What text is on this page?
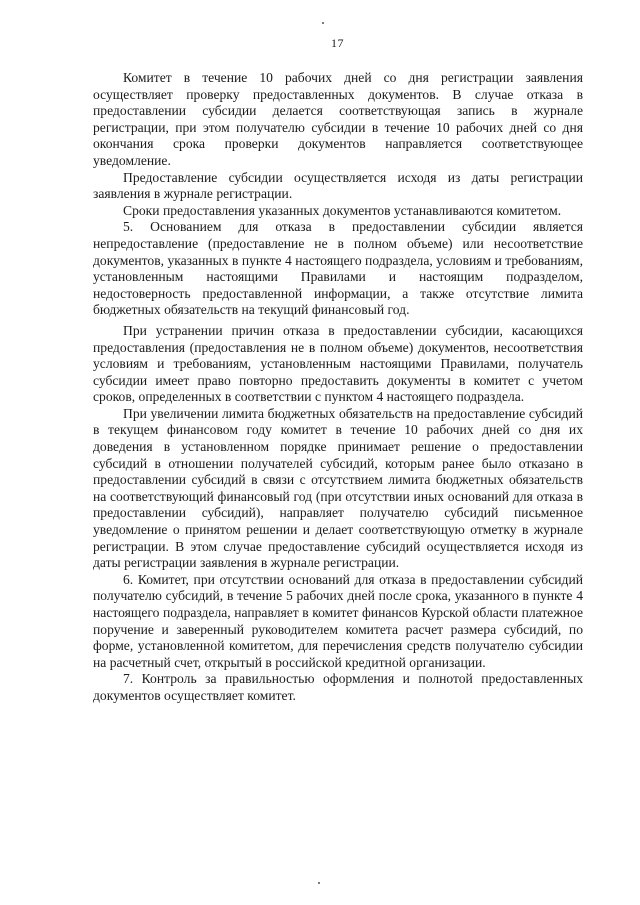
17

Комитет в течение 10 рабочих дней со дня регистрации заявления осуществляет проверку предоставленных документов. В случае отказа в предоставлении субсидии делается соответствующая запись в журнале регистрации, при этом получателю субсидии в течение 10 рабочих дней со дня окончания срока проверки документов направляется соответствующее уведомление.

Предоставление субсидии осуществляется исходя из даты регистрации заявления в журнале регистрации.

Сроки предоставления указанных документов устанавливаются комитетом.

5. Основанием для отказа в предоставлении субсидии является непредоставление (предоставление не в полном объеме) или несоответствие документов, указанных в пункте 4 настоящего подраздела, условиям и требованиям, установленным настоящими Правилами и настоящим подразделом, недостоверность предоставленной информации, а также отсутствие лимита бюджетных обязательств на текущий финансовый год.

При устранении причин отказа в предоставлении субсидии, касающихся предоставления (предоставления не в полном объеме) документов, несоответствия условиям и требованиям, установленным настоящими Правилами, получатель субсидии имеет право повторно предоставить документы в комитет с учетом сроков, определенных в соответствии с пунктом 4 настоящего подраздела.

При увеличении лимита бюджетных обязательств на предоставление субсидий в текущем финансовом году комитет в течение 10 рабочих дней со дня их доведения в установленном порядке принимает решение о предоставлении субсидий в отношении получателей субсидий, которым ранее было отказано в предоставлении субсидий в связи с отсутствием лимита бюджетных обязательств на соответствующий финансовый год (при отсутствии иных оснований для отказа в предоставлении субсидий), направляет получателю субсидий письменное уведомление о принятом решении и делает соответствующую отметку в журнале регистрации. В этом случае предоставление субсидий осуществляется исходя из даты регистрации заявления в журнале регистрации.

6. Комитет, при отсутствии оснований для отказа в предоставлении субсидий получателю субсидий, в течение 5 рабочих дней после срока, указанного в пункте 4 настоящего подраздела, направляет в комитет финансов Курской области платежное поручение и заверенный руководителем комитета расчет размера субсидий, по форме, установленной комитетом, для перечисления средств получателю субсидии на расчетный счет, открытый в российской кредитной организации.

7. Контроль за правильностью оформления и полнотой предоставленных документов осуществляет комитет.
